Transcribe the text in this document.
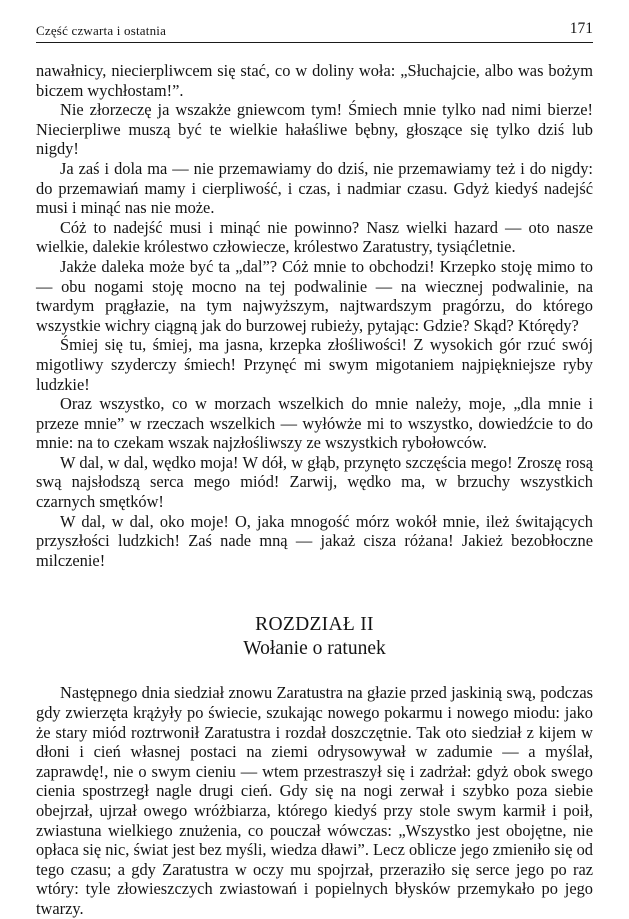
Część czwarta i ostatnia	171

nawałnicy, niecierpliwcem się stać, co w doliny woła: „Słuchajcie, albo was bożym biczem wychłostam!”.

Nie złorzeczę ja wszakże gniewcom tym! Śmiech mnie tylko nad nimi bierze! Niecierpliwe muszą być te wielkie hałaśliwe bębny, głoszące się tylko dziś lub nigdy!

Ja zaś i dola ma — nie przemawiamy do dziś, nie przemawiamy też i do nigdy: do przemawiań mamy i cierpliwość, i czas, i nadmiar czasu. Gdyż kiedyś nadejść musi i minąć nas nie może.

Cóż to nadejść musi i minąć nie powinno? Nasz wielki hazard — oto nasze wielkie, dalekie królestwo człowiecze, królestwo Zaratustry, tysiąćletnie.

Jakże daleka może być ta „dal”? Cóż mnie to obchodzi! Krzepko stoję mimo to — obu nogami stoję mocno na tej podwalinie — na wiecznej podwalinie, na twardym prągłazie, na tym najwyższym, najtwardszym pragórzu, do którego wszystkie wichry ciągną jak do burzowej rubieży, pytając: Gdzie? Skąd? Którędy?

Śmiej się tu, śmiej, ma jasna, krzepka złośliwości! Z wysokich gór rzuć swój migotliwy szyderczy śmiech! Przynęć mi swym migotaniem najpiękniejsze ryby ludzkie!

Oraz wszystko, co w morzach wszelkich do mnie należy, moje, „dla mnie i przeze mnie” w rzeczach wszelkich — wyłówże mi to wszystko, dowiedźcie to do mnie: na to czekam wszak najzłośliwszy ze wszystkich rybołowców.

W dal, w dal, wędko moja! W dół, w głąb, przynęto szczęścia mego! Zroszę rosą swą najsłodszą serca mego miód! Zarwij, wędko ma, w brzuchy wszystkich czarnych smętków!

W dal, w dal, oko moje! O, jaka mnogość mórz wokół mnie, ileż świtających przyszłości ludzkich! Zaś nade mną — jakaż cisza różana! Jakież bezobłoczne milczenie!

ROZDZIAŁ II
Wołanie o ratunek

Następnego dnia siedział znowu Zaratustra na głazie przed jaskinią swą, podczas gdy zwierzęta krążyły po świecie, szukając nowego pokarmu i nowego miodu: jako że stary miód roztrwonił Zaratustra i rozdał doszczętnie. Tak oto siedział z kijem w dłoni i cień własnej postaci na ziemi odrysowywał w zadumie — a myślał, zaprawdę!, nie o swym cieniu — wtem przestraszył się i zadrżał: gdyż obok swego cienia spostrzegł nagle drugi cień. Gdy się na nogi zerwał i szybko poza siebie obejrzał, ujrzał owego wróżbiarza, którego kiedyś przy stole swym karmił i poił, zwiastuna wielkiego znużenia, co pouczał wówczas: „Wszystko jest obojętne, nie opłaca się nic, świat jest bez myśli, wiedza dławi”. Lecz oblicze jego zmieniło się od tego czasu; a gdy Zaratustra w oczy mu spojrzał, przeraziło się serce jego po raz wtóry: tyle złowieszczych zwiastowań i popielnych błysków przemykało po jego twarzy.
